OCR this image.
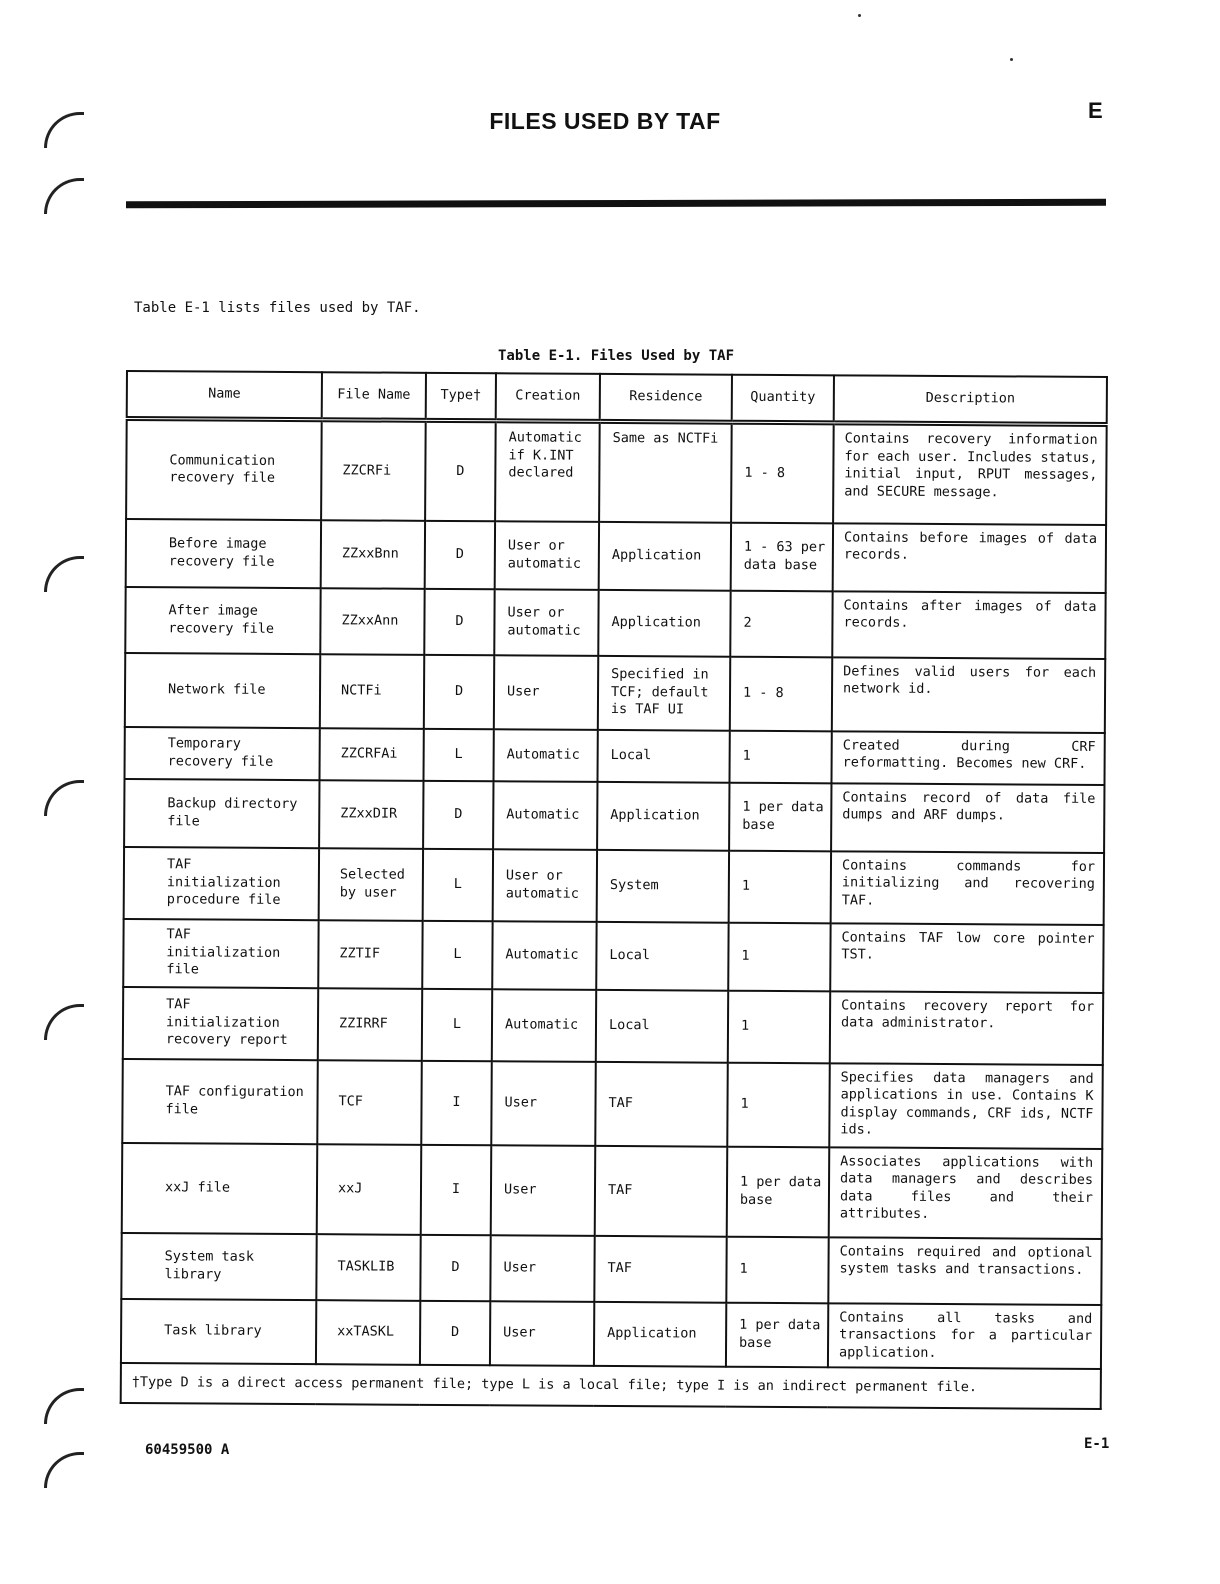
FILES USED BY TAF	E
Table E-1 lists files used by TAF.
Table E-1. Files Used by TAF
Name	File Name	Type†	Creation	Residence	Quantity	Description
Communication recovery file	ZZCRFi	D	Automatic if K.INT declared	Same as NCTFi	1 - 8	Contains recovery information for each user. Includes status, initial input, RPUT messages, and SECURE message.
Before image recovery file	ZZxxBnn	D	User or automatic	Application	1 - 63 per data base	Contains before images of data records.
After image recovery file	ZZxxAnn	D	User or automatic	Application	2	Contains after images of data records.
Network file	NCTFi	D	User	Specified in TCF; default is TAF UI	1 - 8	Defines valid users for each network id.
Temporary recovery file	ZZCRFAi	L	Automatic	Local	1	Created during CRF reformatting. Becomes new CRF.
Backup directory file	ZZxxDIR	D	Automatic	Application	1 per data base	Contains record of data file dumps and ARF dumps.
TAF initialization procedure file	Selected by user	L	User or automatic	System	1	Contains commands for initializing and recovering TAF.
TAF initialization file	ZZTIF	L	Automatic	Local	1	Contains TAF low core pointer TST.
TAF initialization recovery report	ZZIRRF	L	Automatic	Local	1	Contains recovery report for data administrator.
TAF configuration file	TCF	I	User	TAF	1	Specifies data managers and applications in use. Contains K display commands, CRF ids, NCTF ids.
xxJ file	xxJ	I	User	TAF	1 per data base	Associates applications with data managers and describes data files and their attributes.
System task library	TASKLIB	D	User	TAF	1	Contains required and optional system tasks and transactions.
Task library	xxTASKL	D	User	Application	1 per data base	Contains all tasks and transactions for a particular application.
†Type D is a direct access permanent file; type L is a local file; type I is an indirect permanent file.						
60459500 A	E-1
